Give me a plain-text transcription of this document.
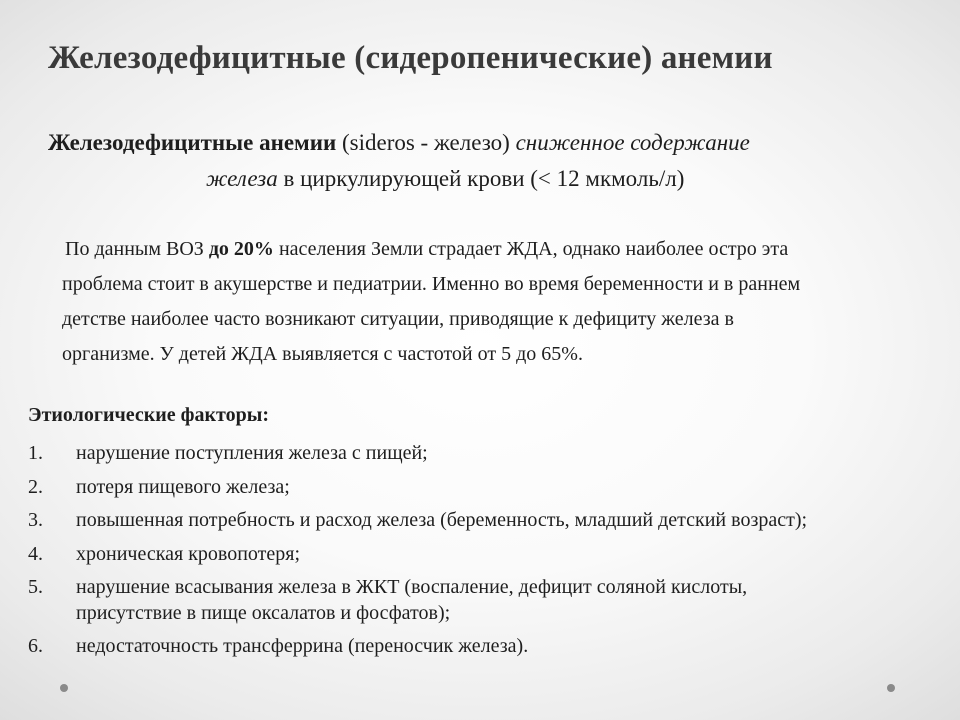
Железодефицитные (сидеропенические) анемии
Железодефицитные анемии (sideros - железо) сниженное содержание
железа в циркулирующей крови (< 12 мкмоль/л)
По данным ВОЗ до 20% населения Земли страдает ЖДА, однако наиболее остро эта
проблема стоит в акушерстве и педиатрии. Именно во время беременности и в раннем
детстве наиболее часто возникают ситуации, приводящие к дефициту железа в
организме. У детей ЖДА выявляется с частотой от 5 до 65%.
Этиологические факторы:
1.	нарушение поступления железа с пищей;
2.	потеря пищевого железа;
3.	повышенная потребность и расход железа (беременность, младший детский возраст);
4.	хроническая кровопотеря;
5.	нарушение всасывания железа в ЖКТ (воспаление, дефицит соляной кислоты,
присутствие в пище оксалатов и фосфатов);
6.	недостаточность трансферрина (переносчик железа).
